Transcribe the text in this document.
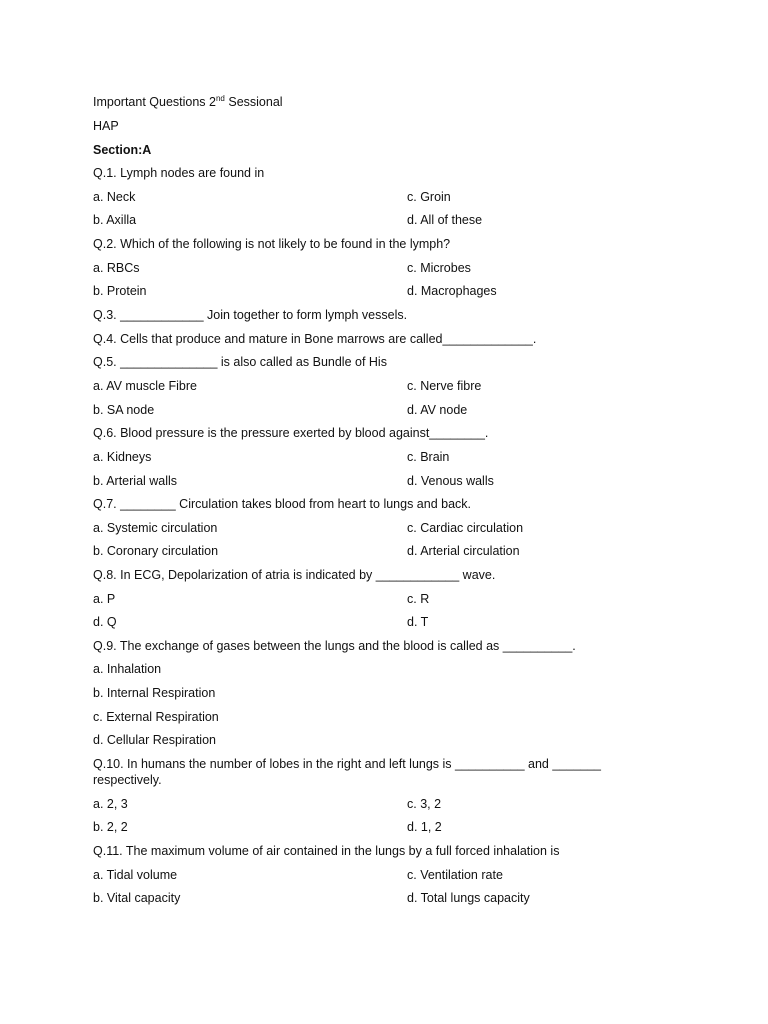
Important Questions 2nd Sessional
HAP
Section:A
Q.1. Lymph nodes are found in
a. Neck	c. Groin
b. Axilla	d. All of these
Q.2. Which of the following is not likely to be found in the lymph?
a. RBCs	c. Microbes
b. Protein	d. Macrophages
Q.3. ____________ Join together to form lymph vessels.
Q.4. Cells that produce and mature in Bone marrows are called_____________.
Q.5. ______________ is also called as Bundle of His
a. AV muscle Fibre	c. Nerve fibre
b. SA node	d. AV node
Q.6. Blood pressure is the pressure exerted by blood against________.
a. Kidneys	c. Brain
b. Arterial walls	d. Venous walls
Q.7. ________ Circulation takes blood from heart to lungs and back.
a. Systemic circulation	c. Cardiac circulation
b. Coronary circulation	d. Arterial circulation
Q.8. In ECG, Depolarization of atria is indicated by ____________ wave.
a. P	c. R
d. Q	d. T
Q.9. The exchange of gases between the lungs and the blood is called as __________.
a. Inhalation
b. Internal Respiration
c. External Respiration
d. Cellular Respiration
Q.10. In humans the number of lobes in the right and left lungs is __________ and _______ respectively.
a. 2, 3	c. 3, 2
b. 2, 2	d. 1, 2
Q.11. The maximum volume of air contained in the lungs by a full forced inhalation is
a. Tidal volume	c. Ventilation rate
b. Vital capacity	d. Total lungs capacity
